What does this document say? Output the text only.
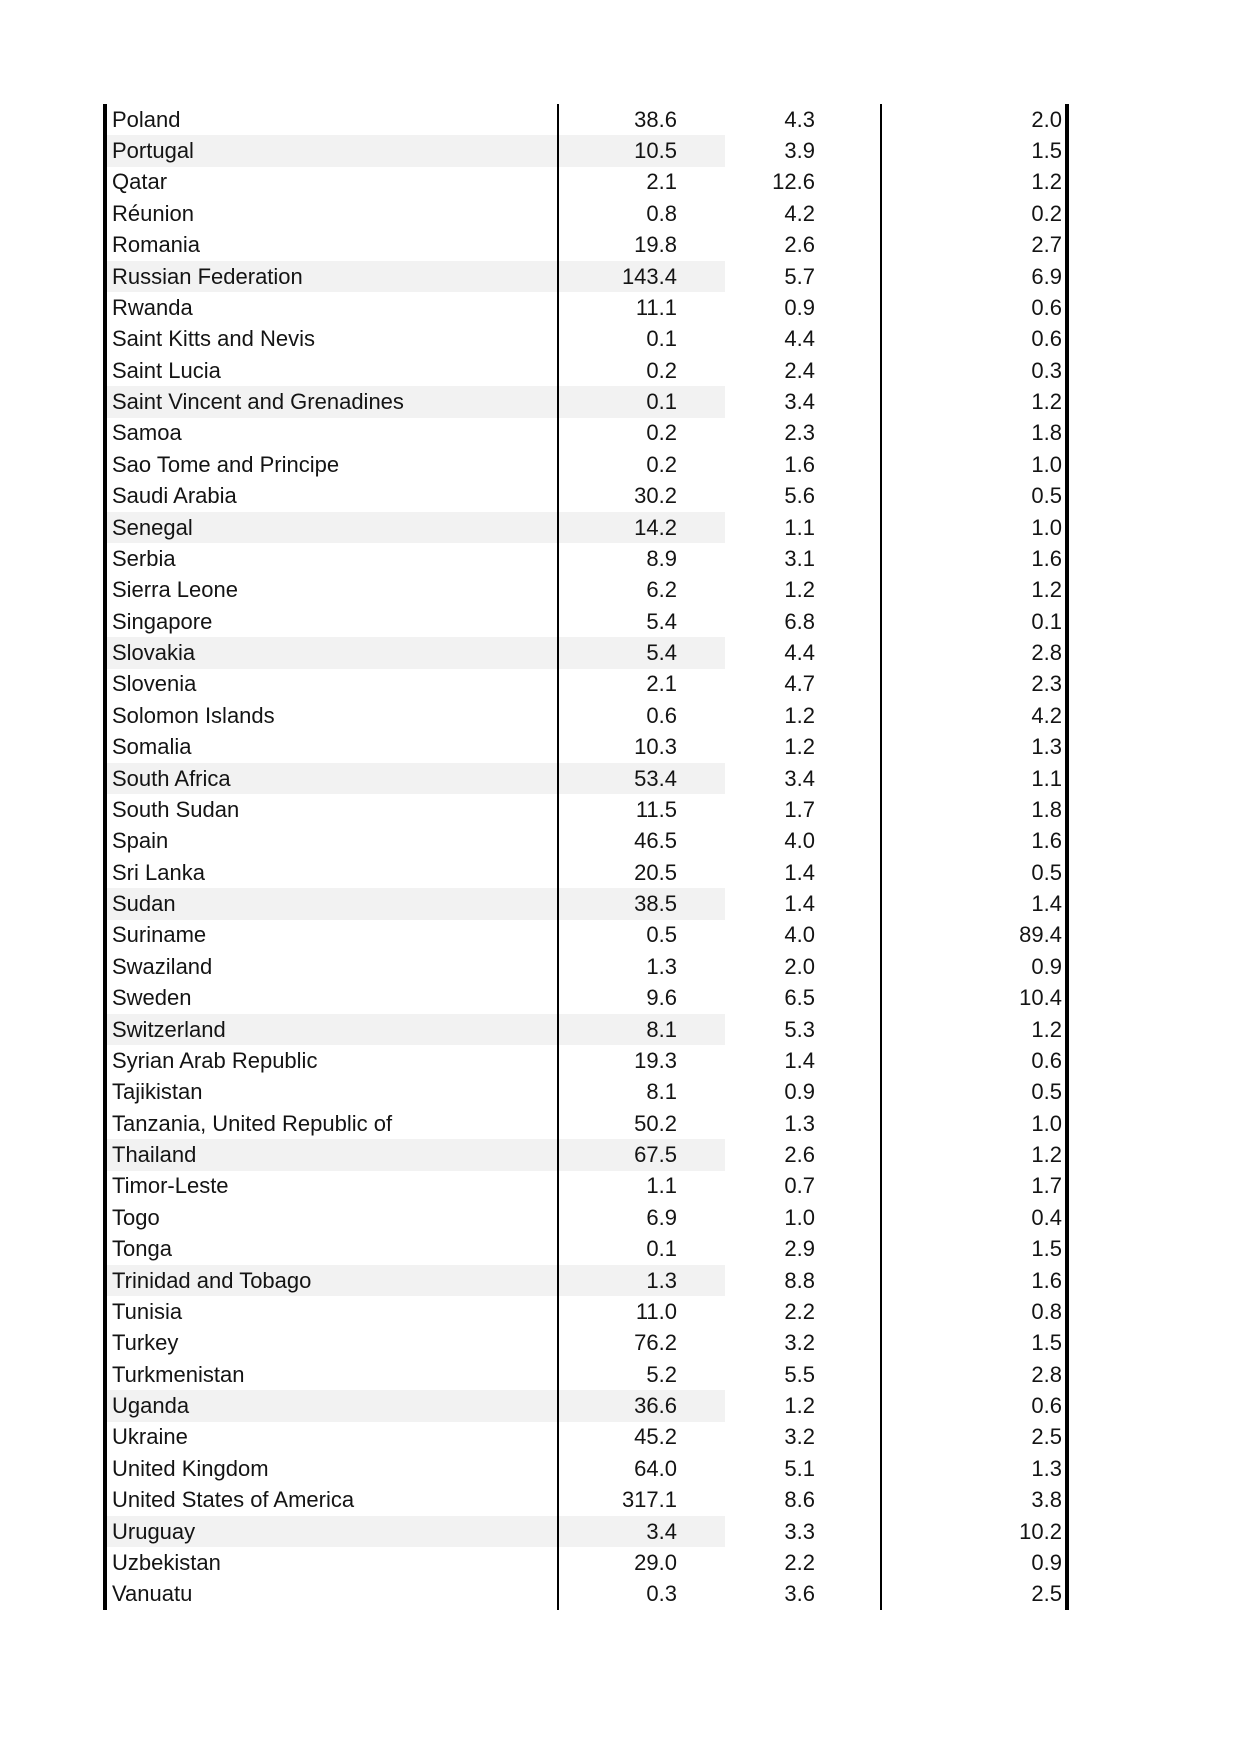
Poland	38.6	4.3	2.0
Portugal	10.5	3.9	1.5
Qatar	2.1	12.6	1.2
Réunion	0.8	4.2	0.2
Romania	19.8	2.6	2.7
Russian Federation	143.4	5.7	6.9
Rwanda	11.1	0.9	0.6
Saint Kitts and Nevis	0.1	4.4	0.6
Saint Lucia	0.2	2.4	0.3
Saint Vincent and Grenadines	0.1	3.4	1.2
Samoa	0.2	2.3	1.8
Sao Tome and Principe	0.2	1.6	1.0
Saudi Arabia	30.2	5.6	0.5
Senegal	14.2	1.1	1.0
Serbia	8.9	3.1	1.6
Sierra Leone	6.2	1.2	1.2
Singapore	5.4	6.8	0.1
Slovakia	5.4	4.4	2.8
Slovenia	2.1	4.7	2.3
Solomon Islands	0.6	1.2	4.2
Somalia	10.3	1.2	1.3
South Africa	53.4	3.4	1.1
South Sudan	11.5	1.7	1.8
Spain	46.5	4.0	1.6
Sri Lanka	20.5	1.4	0.5
Sudan	38.5	1.4	1.4
Suriname	0.5	4.0	89.4
Swaziland	1.3	2.0	0.9
Sweden	9.6	6.5	10.4
Switzerland	8.1	5.3	1.2
Syrian Arab Republic	19.3	1.4	0.6
Tajikistan	8.1	0.9	0.5
Tanzania, United Republic of	50.2	1.3	1.0
Thailand	67.5	2.6	1.2
Timor-Leste	1.1	0.7	1.7
Togo	6.9	1.0	0.4
Tonga	0.1	2.9	1.5
Trinidad and Tobago	1.3	8.8	1.6
Tunisia	11.0	2.2	0.8
Turkey	76.2	3.2	1.5
Turkmenistan	5.2	5.5	2.8
Uganda	36.6	1.2	0.6
Ukraine	45.2	3.2	2.5
United Kingdom	64.0	5.1	1.3
United States of America	317.1	8.6	3.8
Uruguay	3.4	3.3	10.2
Uzbekistan	29.0	2.2	0.9
Vanuatu	0.3	3.6	2.5
